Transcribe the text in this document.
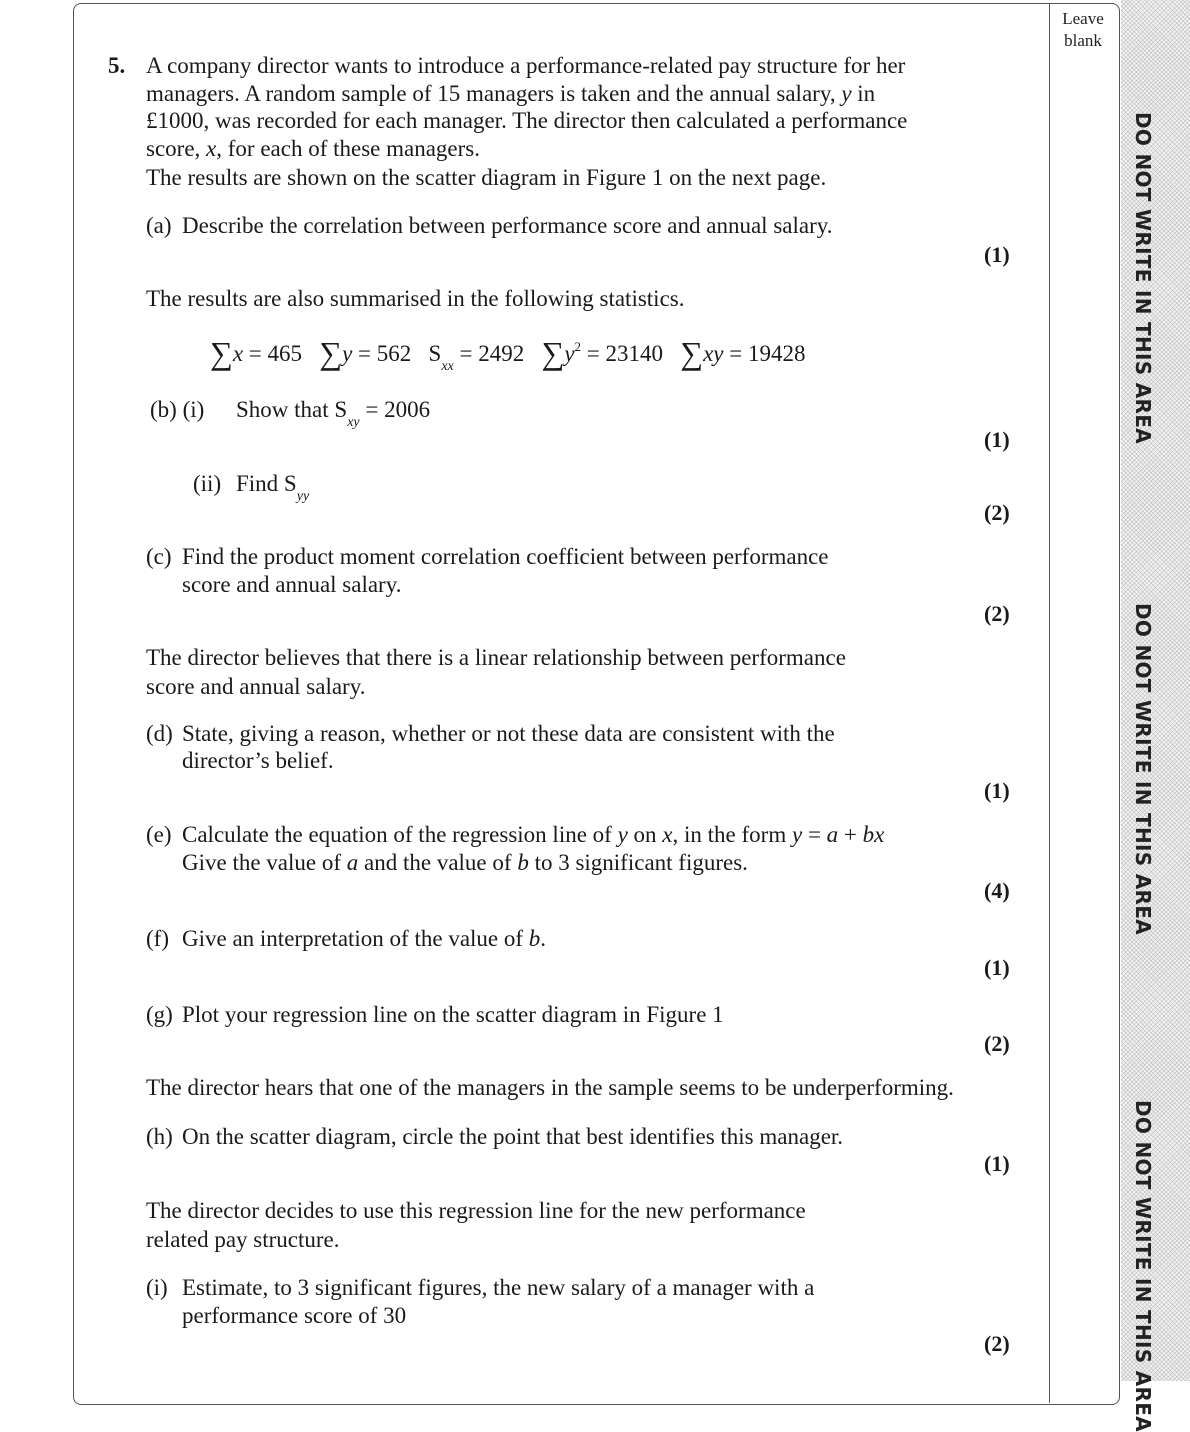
DO NOT WRITE IN THIS AREA
DO NOT WRITE IN THIS AREA
DO NOT WRITE IN THIS AREA
Leave
blank
5. A company director wants to introduce a performance-related pay structure for her
managers. A random sample of 15 managers is taken and the annual salary, y in
£1000, was recorded for each manager. The director then calculated a performance
score, x, for each of these managers.
The results are shown on the scatter diagram in Figure 1 on the next page.
(a) Describe the correlation between performance score and annual salary.
(1)
The results are also summarised in the following statistics.
∑x = 465 ∑y = 562   $S_{xx} = 2492$ $\sum y^2 = 23140$ ∑xy = 19428
(b) (i) Show that $S_{xy} = 2006$
(1)
(ii) Find $S_{yy}$
(2)
(c) Find the product moment correlation coefficient between performance
score and annual salary.
(2)
The director believes that there is a linear relationship between performance
score and annual salary.
(d) State, giving a reason, whether or not these data are consistent with the
director’s belief.
(1)
(e) Calculate the equation of the regression line of y on x, in the form y = a + bx
Give the value of a and the value of b to 3 significant figures.
(4)
(f) Give an interpretation of the value of b.
(1)
(g) Plot your regression line on the scatter diagram in Figure 1
(2)
The director hears that one of the managers in the sample seems to be underperforming.
(h) On the scatter diagram, circle the point that best identifies this manager.
(1)
The director decides to use this regression line for the new performance
related pay structure.
(i) Estimate, to 3 significant figures, the new salary of a manager with a
performance score of 30
(2)
